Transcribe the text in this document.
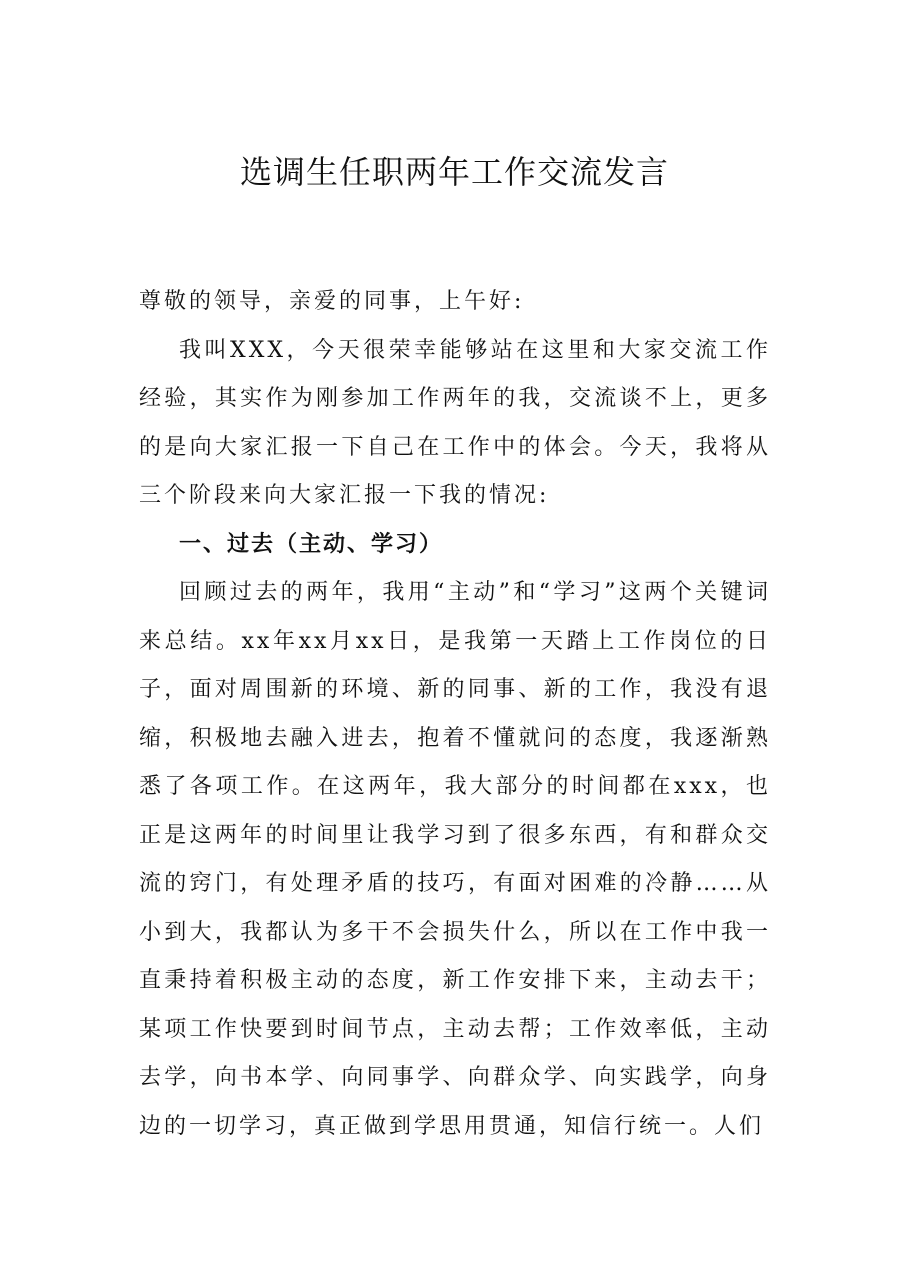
选调生任职两年工作交流发言

尊敬的领导，亲爱的同事，上午好:

我叫XXX，今天很荣幸能够站在这里和大家交流工作经验，其实作为刚参加工作两年的我，交流谈不上，更多的是向大家汇报一下自己在工作中的体会。今天，我将从三个阶段来向大家汇报一下我的情况:

一、过去（主动、学习）

回顾过去的两年，我用“主动”和“学习”这两个关键词来总结。xx年xx月xx日，是我第一天踏上工作岗位的日子，面对周围新的环境、新的同事、新的工作，我没有退缩，积极地去融入进去，抱着不懂就问的态度，我逐渐熟悉了各项工作。在这两年，我大部分的时间都在xxx，也正是这两年的时间里让我学习到了很多东西，有和群众交流的窍门，有处理矛盾的技巧，有面对困难的冷静……从小到大，我都认为多干不会损失什么，所以在工作中我一直秉持着积极主动的态度，新工作安排下来，主动去干；某项工作快要到时间节点，主动去帮；工作效率低，主动去学，向书本学、向同事学、向群众学、向实践学，向身边的一切学习，真正做到学思用贯通，知信行统一。人们
